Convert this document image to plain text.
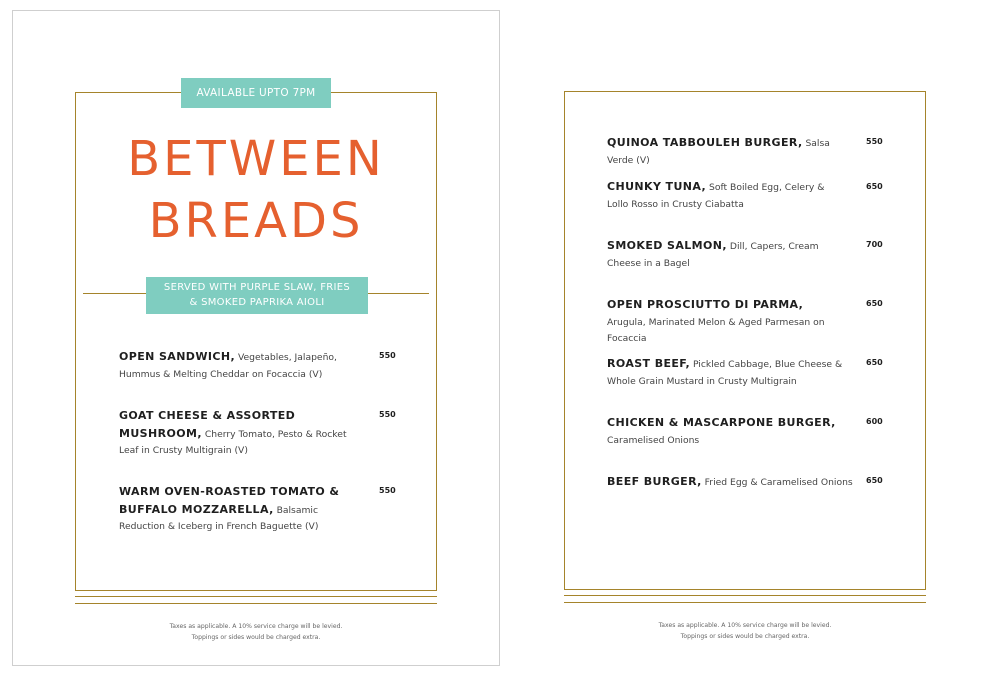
AVAILABLE UPTO 7PM
BETWEEN
BREADS
SERVED WITH PURPLE SLAW, FRIES
& SMOKED PAPRIKA AIOLI
OPEN SANDWICH, Vegetables, Jalapeño, Hummus & Melting Cheddar on Focaccia (V)
550
GOAT CHEESE & ASSORTED MUSHROOM, Cherry Tomato, Pesto & Rocket Leaf in Crusty Multigrain (V)
550
WARM OVEN-ROASTED TOMATO & BUFFALO MOZZARELLA, Balsamic Reduction & Iceberg in French Baguette (V)
550
Taxes as applicable. A 10% service charge will be levied.
Toppings or sides would be charged extra.
QUINOA TABBOULEH BURGER, Salsa Verde (V)
550
CHUNKY TUNA, Soft Boiled Egg, Celery & Lollo Rosso in Crusty Ciabatta
650
SMOKED SALMON, Dill, Capers, Cream Cheese in a Bagel
700
OPEN PROSCIUTTO DI PARMA, Arugula, Marinated Melon & Aged Parmesan on Focaccia
650
ROAST BEEF, Pickled Cabbage, Blue Cheese & Whole Grain Mustard in Crusty Multigrain
650
CHICKEN & MASCARPONE BURGER, Caramelised Onions
600
BEEF BURGER, Fried Egg & Caramelised Onions	650
Taxes as applicable. A 10% service charge will be levied.
Toppings or sides would be charged extra.
